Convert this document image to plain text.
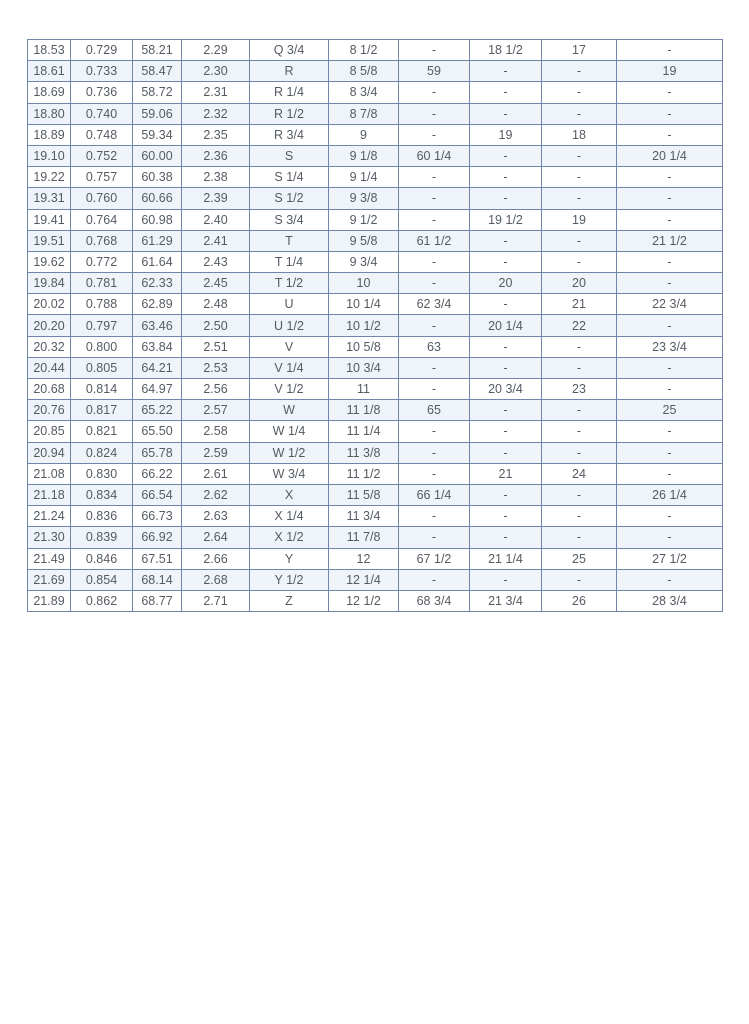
18.53	0.729	58.21	2.29	Q 3/4	8 1/2	-	18 1/2	17	-
18.61	0.733	58.47	2.30	R	8 5/8	59	-	-	19
18.69	0.736	58.72	2.31	R 1/4	8 3/4	-	-	-	-
18.80	0.740	59.06	2.32	R 1/2	8 7/8	-	-	-	-
18.89	0.748	59.34	2.35	R 3/4	9	-	19	18	-
19.10	0.752	60.00	2.36	S	9 1/8	60 1/4	-	-	20 1/4
19.22	0.757	60.38	2.38	S 1/4	9 1/4	-	-	-	-
19.31	0.760	60.66	2.39	S 1/2	9 3/8	-	-	-	-
19.41	0.764	60.98	2.40	S 3/4	9 1/2	-	19 1/2	19	-
19.51	0.768	61.29	2.41	T	9 5/8	61 1/2	-	-	21 1/2
19.62	0.772	61.64	2.43	T 1/4	9 3/4	-	-	-	-
19.84	0.781	62.33	2.45	T 1/2	10	-	20	20	-
20.02	0.788	62.89	2.48	U	10 1/4	62 3/4	-	21	22 3/4
20.20	0.797	63.46	2.50	U 1/2	10 1/2	-	20 1/4	22	-
20.32	0.800	63.84	2.51	V	10 5/8	63	-	-	23 3/4
20.44	0.805	64.21	2.53	V 1/4	10 3/4	-	-	-	-
20.68	0.814	64.97	2.56	V 1/2	11	-	20 3/4	23	-
20.76	0.817	65.22	2.57	W	11 1/8	65	-	-	25
20.85	0.821	65.50	2.58	W 1/4	11 1/4	-	-	-	-
20.94	0.824	65.78	2.59	W 1/2	11 3/8	-	-	-	-
21.08	0.830	66.22	2.61	W 3/4	11 1/2	-	21	24	-
21.18	0.834	66.54	2.62	X	11 5/8	66 1/4	-	-	26 1/4
21.24	0.836	66.73	2.63	X 1/4	11 3/4	-	-	-	-
21.30	0.839	66.92	2.64	X 1/2	11 7/8	-	-	-	-
21.49	0.846	67.51	2.66	Y	12	67 1/2	21 1/4	25	27 1/2
21.69	0.854	68.14	2.68	Y 1/2	12 1/4	-	-	-	-
21.89	0.862	68.77	2.71	Z	12 1/2	68 3/4	21 3/4	26	28 3/4
